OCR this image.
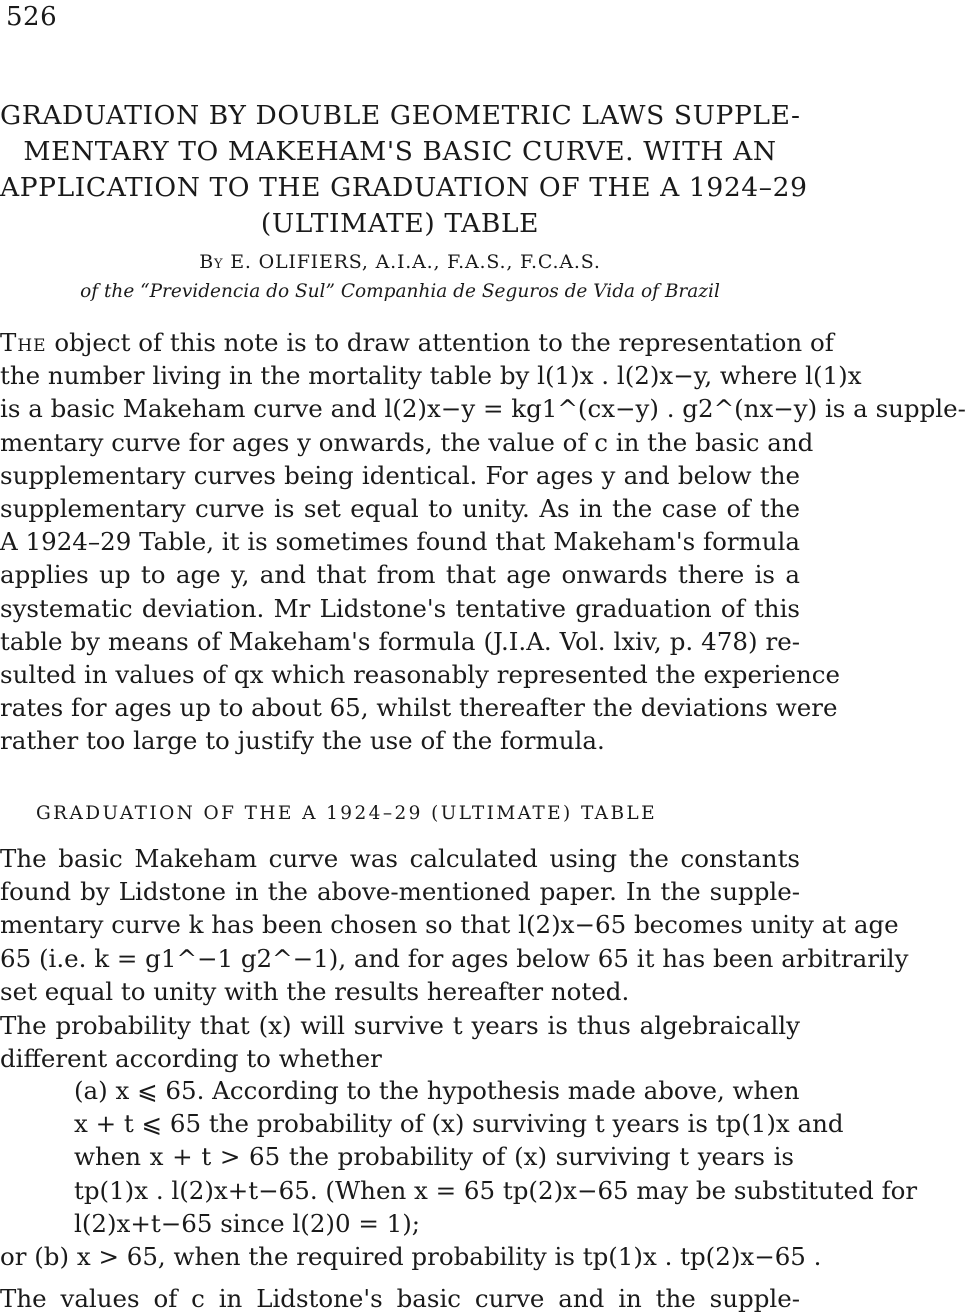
526
GRADUATION BY DOUBLE GEOMETRIC LAWS SUPPLE-
MENTARY TO MAKEHAM'S BASIC CURVE. WITH AN
APPLICATION TO THE GRADUATION OF THE A 1924–29
(ULTIMATE) TABLE
By E. OLIFIERS, A.I.A., F.A.S., F.C.A.S.
of the “Previdencia do Sul” Companhia de Seguros de Vida of Brazil
The object of this note is to draw attention to the representation of
the number living in the mortality table by l(1)x . l(2)x−y, where l(1)x
is a basic Makeham curve and l(2)x−y = kg1^(cx−y) . g2^(nx−y) is a supple-
mentary curve for ages y onwards, the value of c in the basic and
supplementary curves being identical. For ages y and below the
supplementary curve is set equal to unity. As in the case of the
A 1924–29 Table, it is sometimes found that Makeham's formula
applies up to age y, and that from that age onwards there is a
systematic deviation. Mr Lidstone's tentative graduation of this
table by means of Makeham's formula (J.I.A. Vol. lxiv, p. 478) re-
sulted in values of qx which reasonably represented the experience
rates for ages up to about 65, whilst thereafter the deviations were
rather too large to justify the use of the formula.
GRADUATION OF THE A 1924–29 (ULTIMATE) TABLE
The basic Makeham curve was calculated using the constants
found by Lidstone in the above-mentioned paper. In the supple-
mentary curve k has been chosen so that l(2)x−65 becomes unity at age
65 (i.e. k = g1^−1 g2^−1), and for ages below 65 it has been arbitrarily
set equal to unity with the results hereafter noted.
The probability that (x) will survive t years is thus algebraically
different according to whether
(a) x ⩽ 65. According to the hypothesis made above, when
x + t ⩽ 65 the probability of (x) surviving t years is tp(1)x and
when x + t > 65 the probability of (x) surviving t years is
tp(1)x . l(2)x+t−65. (When x = 65 tp(2)x−65 may be substituted for
l(2)x+t−65 since l(2)0 = 1);
or (b) x > 65, when the required probability is tp(1)x . tp(2)x−65 .
The values of c in Lidstone's basic curve and in the supple-
